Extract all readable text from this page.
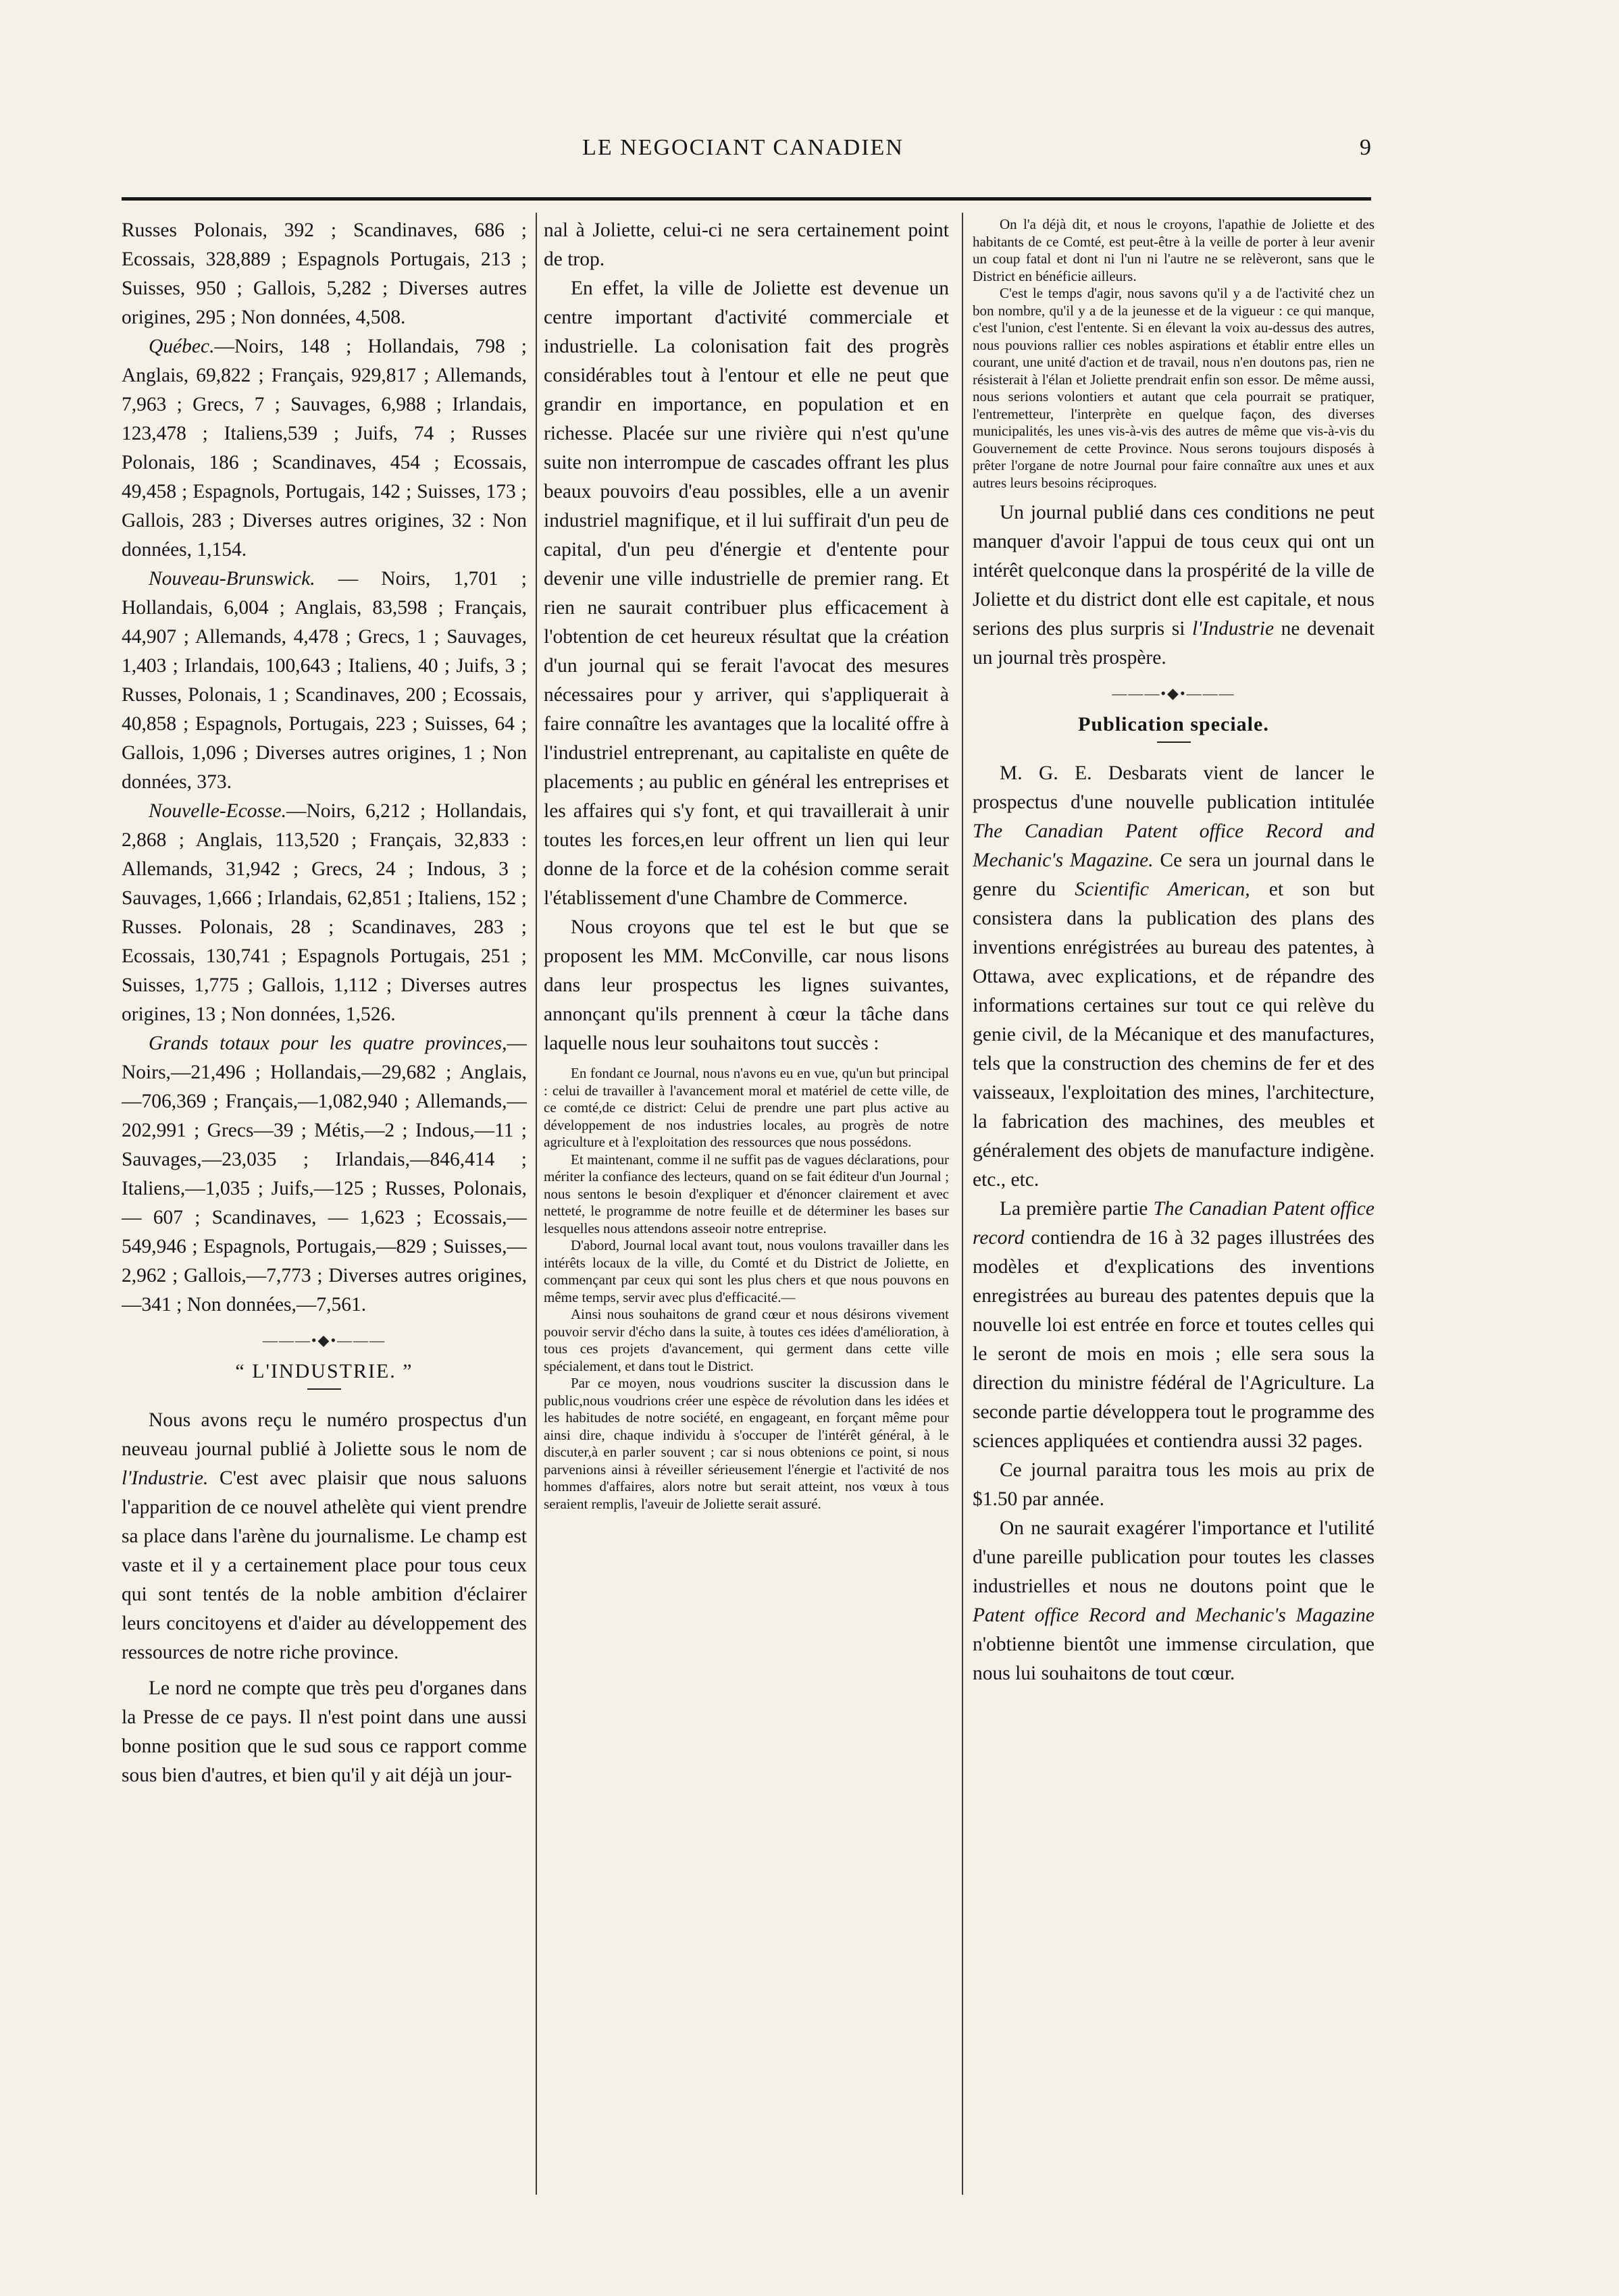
LE NEGOCIANT CANADIEN	9

Russes Polonais, 392 ; Scandinaves, 686 ; Ecossais, 328,889 ; Espagnols Portugais, 213 ; Suisses, 950 ; Gallois, 5,282 ; Diverses autres origines, 295 ; Non données, 4,508.

Québec.—Noirs, 148 ; Hollandais, 798 ; Anglais, 69,822 ; Français, 929,817 ; Allemands, 7,963 ; Grecs, 7 ; Sauvages, 6,988 ; Irlandais, 123,478 ; Italiens,539 ; Juifs, 74 ; Russes Polonais, 186 ; Scandinaves, 454 ; Ecossais, 49,458 ; Espagnols, Portugais, 142 ; Suisses, 173 ; Gallois, 283 ; Diverses autres origines, 32 : Non données, 1,154.

Nouveau-Brunswick. — Noirs, 1,701 ; Hollandais, 6,004 ; Anglais, 83,598 ; Français, 44,907 ; Allemands, 4,478 ; Grecs, 1 ; Sauvages, 1,403 ; Irlandais, 100,643 ; Italiens, 40 ; Juifs, 3 ; Russes, Polonais, 1 ; Scandinaves, 200 ; Ecossais, 40,858 ; Espagnols, Portugais, 223 ; Suisses, 64 ; Gallois, 1,096 ; Diverses autres origines, 1 ; Non données, 373.

Nouvelle-Ecosse.—Noirs, 6,212 ; Hollandais, 2,868 ; Anglais, 113,520 ; Français, 32,833 : Allemands, 31,942 ; Grecs, 24 ; Indous, 3 ; Sauvages, 1,666 ; Irlandais, 62,851 ; Italiens, 152 ; Russes. Polonais, 28 ; Scandinaves, 283 ; Ecossais, 130,741 ; Espagnols Portugais, 251 ; Suisses, 1,775 ; Gallois, 1,112 ; Diverses autres origines, 13 ; Non données, 1,526.

Grands totaux pour les quatre provinces,—Noirs,—21,496 ; Hollandais,—29,682 ; Anglais,—706,369 ; Français,—1,082,940 ; Allemands,—202,991 ; Grecs—39 ; Métis,—2 ; Indous,—11 ; Sauvages,—23,035 ; Irlandais,—846,414 ; Italiens,—1,035 ; Juifs,—125 ; Russes, Polonais,— 607 ; Scandinaves, — 1,623 ; Ecossais,—549,946 ; Espagnols, Portugais,—829 ; Suisses,—2,962 ; Gallois,—7,773 ; Diverses autres origines,—341 ; Non données,—7,561.

———•◆•———
“ L'INDUSTRIE. ”

Nous avons reçu le numéro prospectus d'un neuveau journal publié à Joliette sous le nom de l'Industrie. C'est avec plaisir que nous saluons l'apparition de ce nouvel athelète qui vient prendre sa place dans l'arène du journalisme. Le champ est vaste et il y a certainement place pour tous ceux qui sont tentés de la noble ambition d'éclairer leurs concitoyens et d'aider au développement des ressources de notre riche province.

Le nord ne compte que très peu d'organes dans la Presse de ce pays. Il n'est point dans une aussi bonne position que le sud sous ce rapport comme sous bien d'autres, et bien qu'il y ait déjà un jour-

nal à Joliette, celui-ci ne sera certainement point de trop.

En effet, la ville de Joliette est devenue un centre important d'activité commerciale et industrielle. La colonisation fait des progrès considérables tout à l'entour et elle ne peut que grandir en importance, en population et en richesse. Placée sur une rivière qui n'est qu'une suite non interrompue de cascades offrant les plus beaux pouvoirs d'eau possibles, elle a un avenir industriel magnifique, et il lui suffirait d'un peu de capital, d'un peu d'énergie et d'entente pour devenir une ville industrielle de premier rang. Et rien ne saurait contribuer plus efficacement à l'obtention de cet heureux résultat que la création d'un journal qui se ferait l'avocat des mesures nécessaires pour y arriver, qui s'appliquerait à faire connaître les avantages que la localité offre à l'industriel entreprenant, au capitaliste en quête de placements ; au public en général les entreprises et les affaires qui s'y font, et qui travaillerait à unir toutes les forces,en leur offrent un lien qui leur donne de la force et de la cohésion comme serait l'établissement d'une Chambre de Commerce.

Nous croyons que tel est le but que se proposent les MM. McConville, car nous lisons dans leur prospectus les lignes suivantes, annonçant qu'ils prennent à cœur la tâche dans laquelle nous leur souhaitons tout succès :

En fondant ce Journal, nous n'avons eu en vue, qu'un but principal : celui de travailler à l'avancement moral et matériel de cette ville, de ce comté,de ce district: Celui de prendre une part plus active au développement de nos industries locales, au progrès de notre agriculture et à l'exploitation des ressources que nous possédons.

Et maintenant, comme il ne suffit pas de vagues déclarations, pour mériter la confiance des lecteurs, quand on se fait éditeur d'un Journal ; nous sentons le besoin d'expliquer et d'énoncer clairement et avec netteté, le programme de notre feuille et de déterminer les bases sur lesquelles nous attendons asseoir notre entreprise.

D'abord, Journal local avant tout, nous voulons travailler dans les intérêts locaux de la ville, du Comté et du District de Joliette, en commençant par ceux qui sont les plus chers et que nous pouvons en même temps, servir avec plus d'efficacité.—

Ainsi nous souhaitons de grand cœur et nous désirons vivement pouvoir servir d'écho dans la suite, à toutes ces idées d'amélioration, à tous ces projets d'avancement, qui germent dans cette ville spécialement, et dans tout le District.

Par ce moyen, nous voudrions susciter la discussion dans le public,nous voudrions créer une espèce de révolution dans les idées et les habitudes de notre société, en engageant, en forçant même pour ainsi dire, chaque individu à s'occuper de l'intérêt général, à le discuter,à en parler souvent ; car si nous obtenions ce point, si nous parvenions ainsi à réveiller sérieusement l'énergie et l'activité de nos hommes d'affaires, alors notre but serait atteint, nos vœux à tous seraient remplis, l'aveuir de Joliette serait assuré.

On l'a déjà dit, et nous le croyons, l'apathie de Joliette et des habitants de ce Comté, est peut-être à la veille de porter à leur avenir un coup fatal et dont ni l'un ni l'autre ne se relèveront, sans que le District en bénéficie ailleurs.

C'est le temps d'agir, nous savons qu'il y a de l'activité chez un bon nombre, qu'il y a de la jeunesse et de la vigueur : ce qui manque, c'est l'union, c'est l'entente. Si en élevant la voix au-dessus des autres, nous pouvions rallier ces nobles aspirations et établir entre elles un courant, une unité d'action et de travail, nous n'en doutons pas, rien ne résisterait à l'élan et Joliette prendrait enfin son essor. De même aussi, nous serions volontiers et autant que cela pourrait se pratiquer, l'entremetteur, l'interprète en quelque façon, des diverses municipalités, les unes vis-à-vis des autres de même que vis-à-vis du Gouvernement de cette Province. Nous serons toujours disposés à prêter l'organe de notre Journal pour faire connaître aux unes et aux autres leurs besoins réciproques.

Un journal publié dans ces conditions ne peut manquer d'avoir l'appui de tous ceux qui ont un intérêt quelconque dans la prospérité de la ville de Joliette et du district dont elle est capitale, et nous serions des plus surpris si l'Industrie ne devenait un journal très prospère.

———•◆•———
Publication speciale.

M. G. E. Desbarats vient de lancer le prospectus d'une nouvelle publication intitulée The Canadian Patent office Record and Mechanic's Magazine. Ce sera un journal dans le genre du Scientific American, et son but consistera dans la publication des plans des inventions enrégistrées au bureau des patentes, à Ottawa, avec explications, et de répandre des informations certaines sur tout ce qui relève du genie civil, de la Mécanique et des manufactures, tels que la construction des chemins de fer et des vaisseaux, l'exploitation des mines, l'architecture, la fabrication des machines, des meubles et généralement des objets de manufacture indigène. etc., etc.

La première partie The Canadian Patent office record contiendra de 16 à 32 pages illustrées des modèles et d'explications des inventions enregistrées au bureau des patentes depuis que la nouvelle loi est entrée en force et toutes celles qui le seront de mois en mois ; elle sera sous la direction du ministre fédéral de l'Agriculture. La seconde partie développera tout le programme des sciences appliquées et contiendra aussi 32 pages.

Ce journal paraitra tous les mois au prix de $1.50 par année.

On ne saurait exagérer l'importance et l'utilité d'une pareille publication pour toutes les classes industrielles et nous ne doutons point que le Patent office Record and Mechanic's Magazine n'obtienne bientôt une immense circulation, que nous lui souhaitons de tout cœur.
